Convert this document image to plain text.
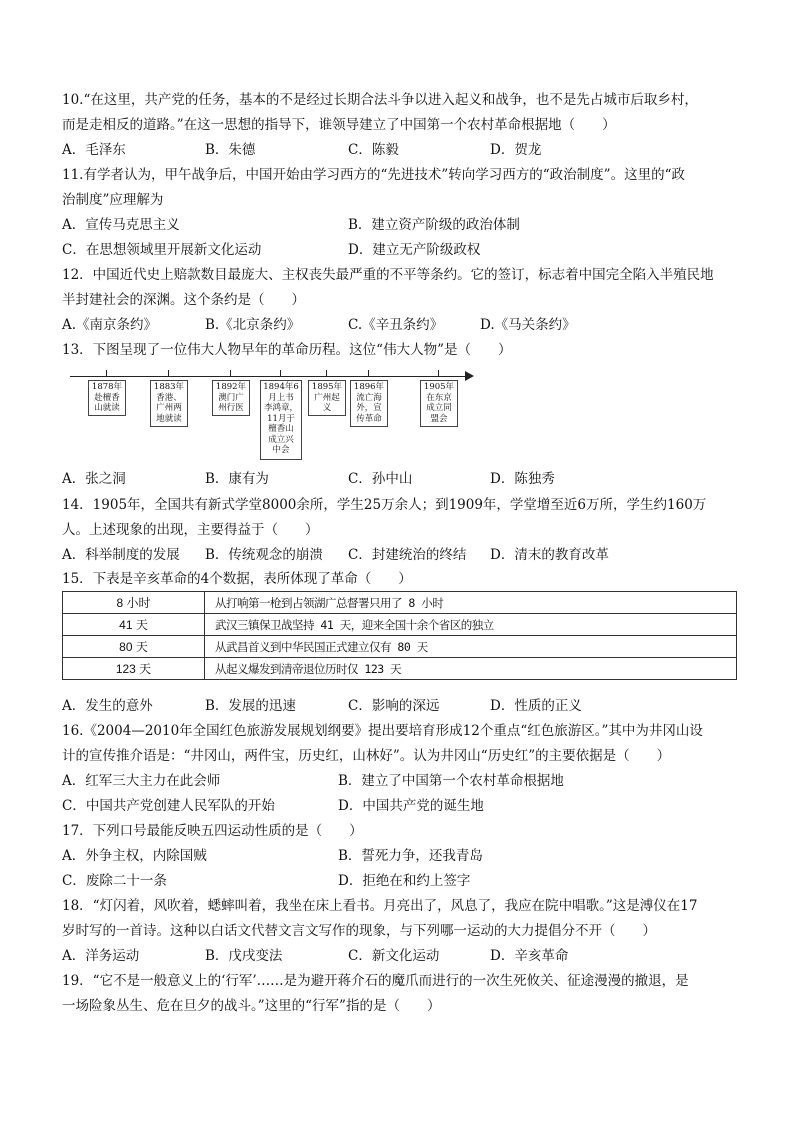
10.“在这里，共产党的任务，基本的不是经过长期合法斗争以进入起义和战争，也不是先占城市后取乡村，
而是走相反的道路。”在这一思想的指导下，谁领导建立了中国第一个农村革命根据地（　　）
A．毛泽东	B．朱德	C．陈毅	D．贺龙
11.有学者认为，甲午战争后，中国开始由学习西方的“先进技术”转向学习西方的“政治制度”。这里的“政
治制度”应理解为
A．宣传马克思主义	B．建立资产阶级的政治体制
C．在思想领域里开展新文化运动	D．建立无产阶级政权
12．中国近代史上赔款数目最庞大、主权丧失最严重的不平等条约。它的签订，标志着中国完全陷入半殖民地
半封建社会的深渊。这个条约是（　　）
A.《南京条约》	B.《北京条约》	C.《辛丑条约》	D.《马关条约》
13．下图呈现了一位伟大人物早年的革命历程。这位“伟大人物”是（　　）
1878年
赴檀香
山就读
1883年
香港、
广州两
地就读
1892年
澳门广
州行医
1894年6
月上书
李鸿章，
11月于
檀香山
成立兴
中会
1895年
广州起
义
1896年
流亡海
外，宣
传革命
1905年
在东京
成立同
盟会
A．张之洞	B．康有为	C．孙中山	D．陈独秀
14．1905年，全国共有新式学堂8000余所，学生25万余人；到1909年，学堂增至近6万所，学生约160万
人。上述现象的出现，主要得益于（　　）
A．科举制度的发展 B．传统观念的崩溃 C．封建统治的终结 D．清末的教育改革
15．下表是辛亥革命的4个数据，表所体现了革命（　　）
8 小时	从打响第一枪到占领湖广总督署只用了 8 小时
41 天	武汉三镇保卫战坚持 41 天，迎来全国十余个省区的独立
80 天	从武昌首义到中华民国正式建立仅有 80 天
123 天	从起义爆发到清帝退位历时仅 123 天
A．发生的意外	B．发展的迅速	C．影响的深远	D．性质的正义
16.《2004—2010年全国红色旅游发展规划纲要》提出要培育形成12个重点“红色旅游区。”其中为井冈山设
计的宣传推介语是：“井冈山，两件宝，历史红，山林好”。认为井冈山“历史红”的主要依据是（　　）
A．红军三大主力在此会师	B．建立了中国第一个农村革命根据地
C．中国共产党创建人民军队的开始	D．中国共产党的诞生地
17．下列口号最能反映五四运动性质的是（　　）
A．外争主权，内除国贼	B．誓死力争，还我青岛
C．废除二十一条	D．拒绝在和约上签字
18．“灯闪着，风吹着，蟋蟀叫着，我坐在床上看书。月亮出了，风息了，我应在院中唱歌。”这是溥仪在17
岁时写的一首诗。这种以白话文代替文言文写作的现象，与下列哪一运动的大力提倡分不开（　　）
A．洋务运动	B．戊戌变法	C．新文化运动	D．辛亥革命
19．“它不是一般意义上的‘行军’……是为避开蒋介石的魔爪而进行的一次生死攸关、征途漫漫的撤退，是
一场险象丛生、危在旦夕的战斗。”这里的“行军”指的是（　　）
